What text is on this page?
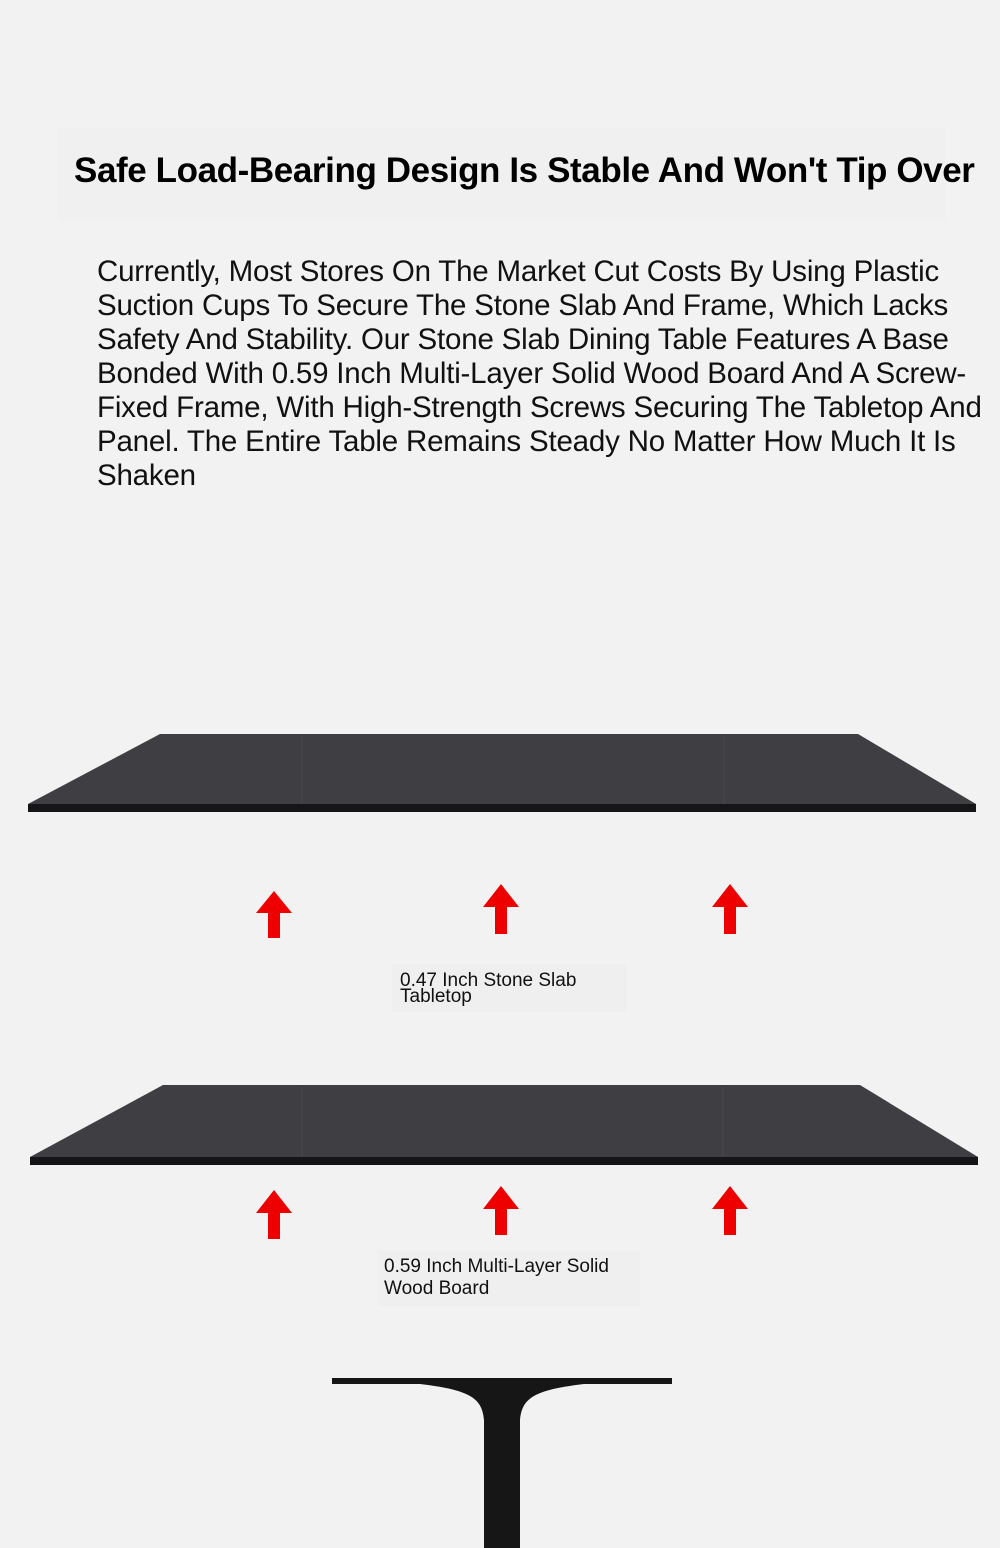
Safe Load-Bearing Design Is Stable And Won't Tip Over

Currently, Most Stores On The Market Cut Costs By Using Plastic Suction Cups To Secure The Stone Slab And Frame, Which Lacks Safety And Stability. Our Stone Slab Dining Table Features A Base Bonded With 0.59 Inch Multi-Layer Solid Wood Board And A Screw-Fixed Frame, With High-Strength Screws Securing The Tabletop And Panel. The Entire Table Remains Steady No Matter How Much It Is Shaken

0.47 Inch Stone Slab
Tabletop
0.59 Inch Multi-Layer Solid
Wood Board
